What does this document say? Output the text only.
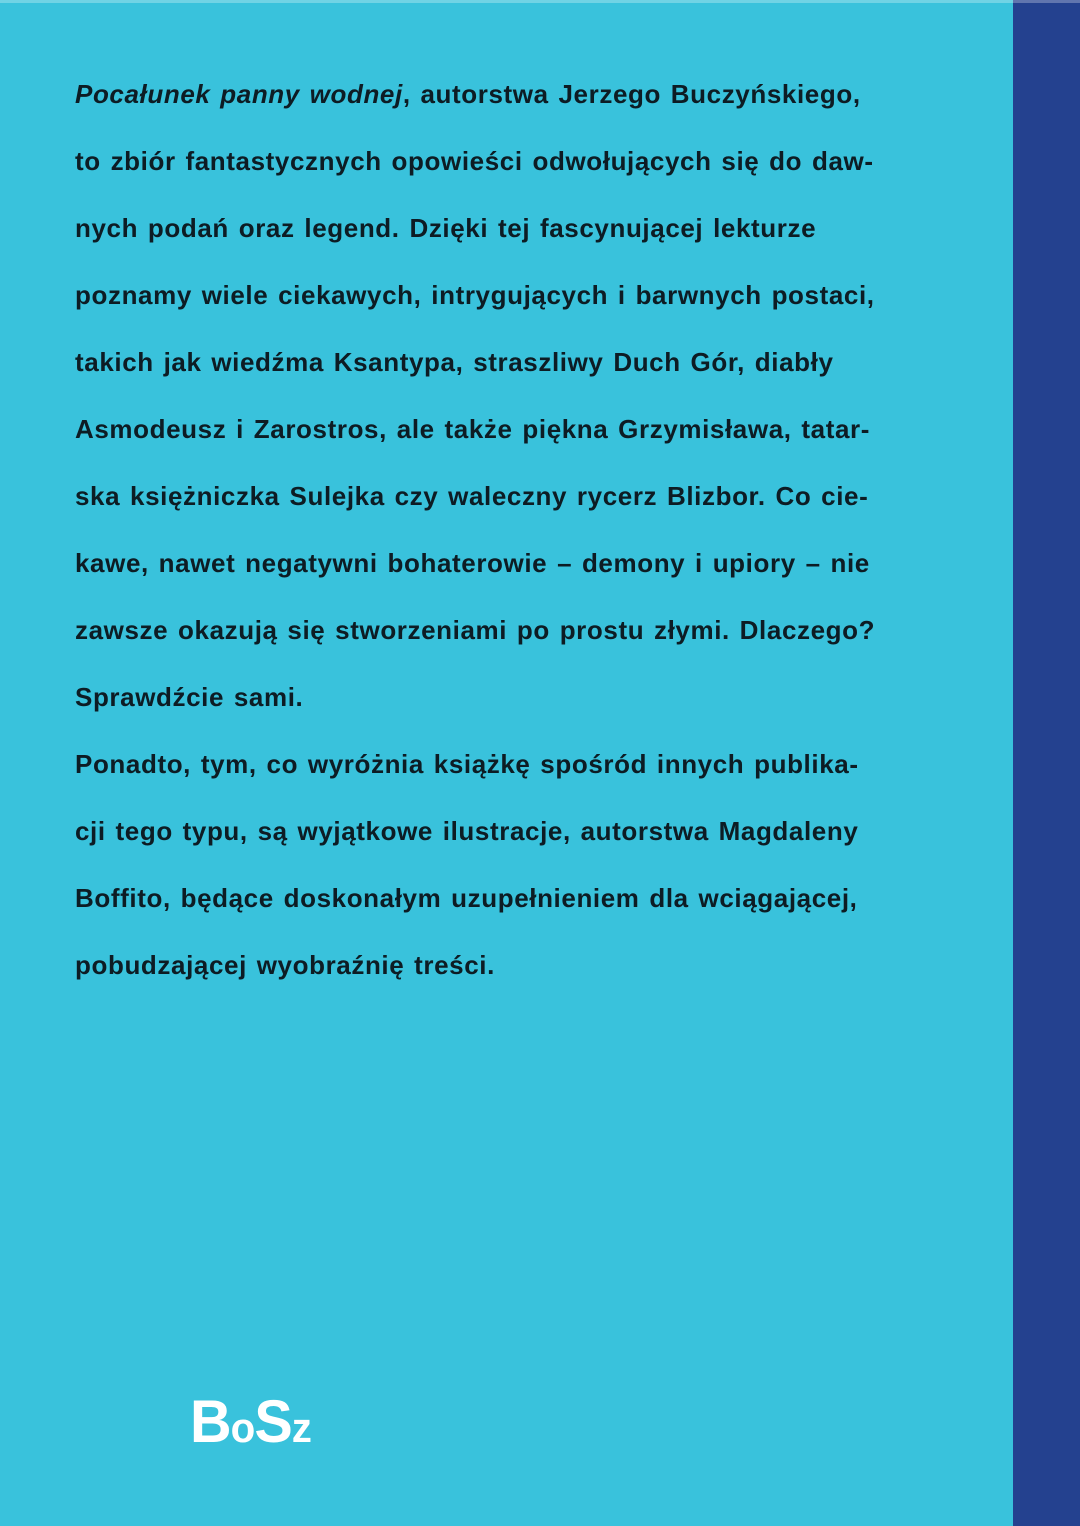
Pocałunek panny wodnej, autorstwa Jerzego Buczyńskiego,
to zbiór fantastycznych opowieści odwołujących się do daw-
nych podań oraz legend. Dzięki tej fascynującej lekturze
poznamy wiele ciekawych, intrygujących i barwnych postaci,
takich jak wiedźma Ksantypa, straszliwy Duch Gór, diabły
Asmodeusz i Zarostros, ale także piękna Grzymisława, tatar-
ska księżniczka Sulejka czy waleczny rycerz Blizbor. Co cie-
kawe, nawet negatywni bohaterowie – demony i upiory – nie
zawsze okazują się stworzeniami po prostu złymi. Dlaczego?
Sprawdźcie sami.
Ponadto, tym, co wyróżnia książkę spośród innych publika-
cji tego typu, są wyjątkowe ilustracje, autorstwa Magdaleny
Boffito, będące doskonałym uzupełnieniem dla wciągającej,
pobudzającej wyobraźnię treści.
BoSz
